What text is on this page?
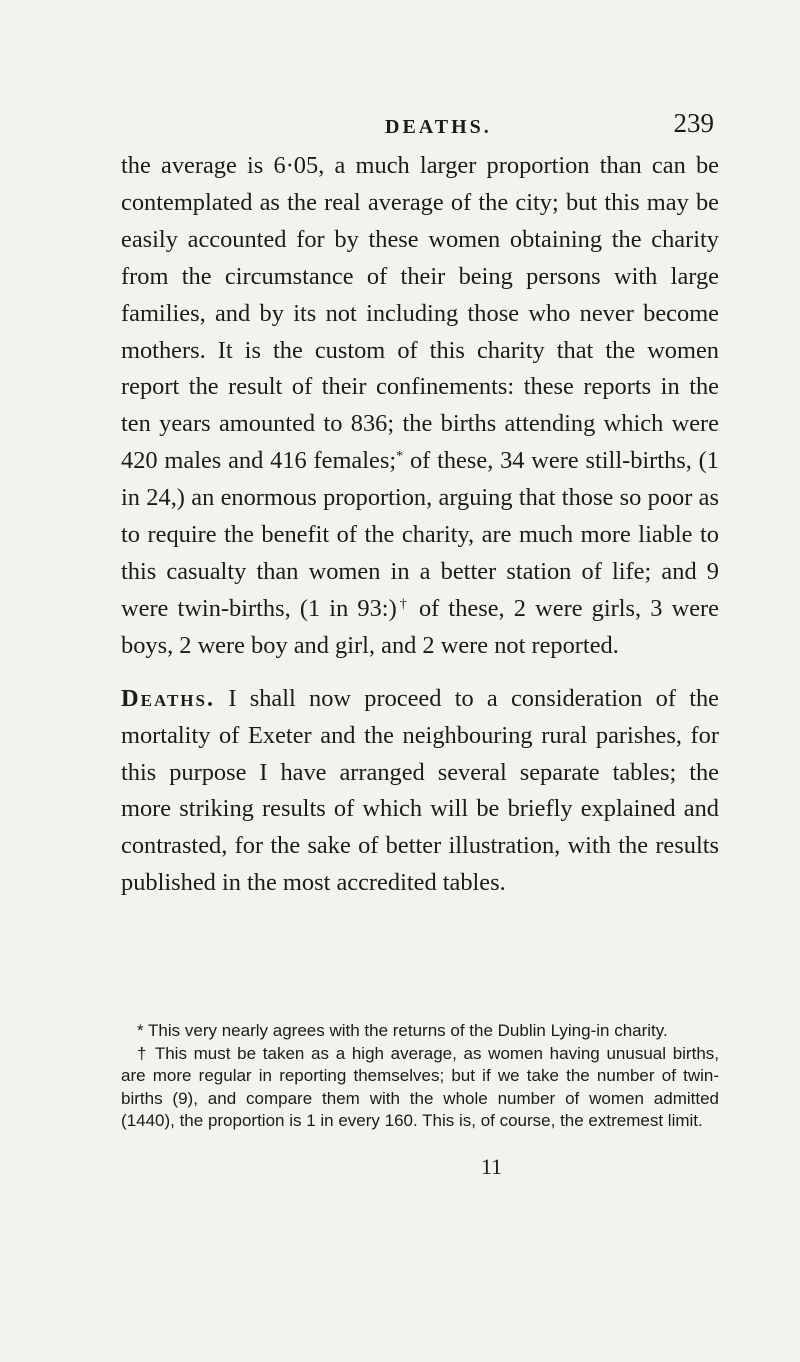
DEATHS.	239

the average is 6·05, a much larger proportion than can be contemplated as the real average of the city; but this may be easily accounted for by these women obtaining the charity from the circumstance of their being persons with large families, and by its not including those who never become mothers. It is the custom of this charity that the women report the result of their confinements: these reports in the ten years amounted to 836; the births attending which were 420 males and 416 females;* of these, 34 were still-births, (1 in 24,) an enormous proportion, arguing that those so poor as to require the benefit of the charity, are much more liable to this casualty than women in a better station of life; and 9 were twin-births, (1 in 93:)† of these, 2 were girls, 3 were boys, 2 were boy and girl, and 2 were not reported.

Deaths. I shall now proceed to a consideration of the mortality of Exeter and the neighbouring rural parishes, for this purpose I have arranged several separate tables; the more striking results of which will be briefly explained and contrasted, for the sake of better illustration, with the results published in the most accredited tables.

* This very nearly agrees with the returns of the Dublin Lying-in charity.

† This must be taken as a high average, as women having unusual births, are more regular in reporting themselves; but if we take the number of twin-births (9), and compare them with the whole number of women admitted (1440), the proportion is 1 in every 160. This is, of course, the extremest limit.

11
